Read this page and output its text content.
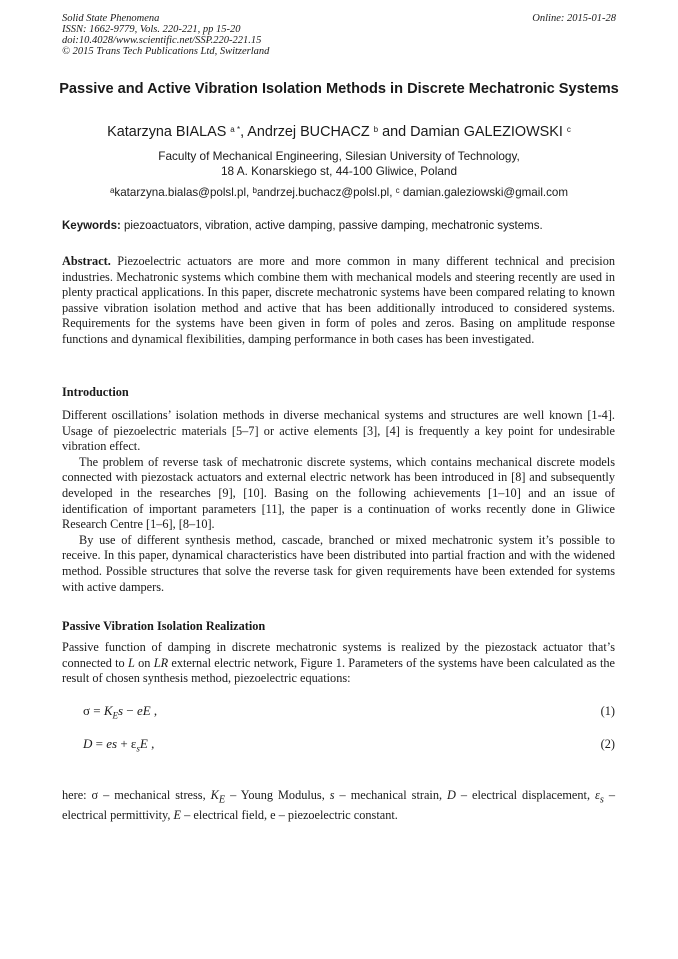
Solid State Phenomena
ISSN: 1662-9779, Vols. 220-221, pp 15-20
doi:10.4028/www.scientific.net/SSP.220-221.15
© 2015 Trans Tech Publications Ltd, Switzerland
Online: 2015-01-28
Passive and Active Vibration Isolation Methods in Discrete Mechatronic Systems
Katarzyna BIALAS $^{a *}$, Andrzej BUCHACZ $^b$ and Damian GALEZIOWSKI $^c$
Faculty of Mechanical Engineering, Silesian University of Technology,
18 A. Konarskiego st, 44-100 Gliwice, Poland
$^a$katarzyna.bialas@polsl.pl, $^b$andrzej.buchacz@polsl.pl, $^c$ damian.galeziowski@gmail.com
Keywords: piezoactuators, vibration, active damping, passive damping, mechatronic systems.

Abstract. Piezoelectric actuators are more and more common in many different technical and precision industries. Mechatronic systems which combine them with mechanical models and steering recently are used in plenty practical applications. In this paper, discrete mechatronic systems have been compared relating to known passive vibration isolation method and active that has been additionally introduced to considered systems. Requirements for the systems have been given in form of poles and zeros. Basing on amplitude response functions and dynamical flexibilities, damping performance in both cases has been investigated.

Introduction

Different oscillations’ isolation methods in diverse mechanical systems and structures are well known [1-4]. Usage of piezoelectric materials [5–7] or active elements [3], [4] is frequently a key point for undesirable vibration effect.

The problem of reverse task of mechatronic discrete systems, which contains mechanical discrete models connected with piezostack actuators and external electric network has been introduced in [8] and subsequently developed in the researches [9], [10]. Basing on the following achievements [1–10] and an issue of identification of important parameters [11], the paper is a continuation of works recently done in Gliwice Research Centre [1–6], [8–10].

By use of different synthesis method, cascade, branched or mixed mechatronic system it’s possible to receive. In this paper, dynamical characteristics have been distributed into partial fraction and with the widened method. Possible structures that solve the reverse task for given requirements have been extended for systems with active dampers.

Passive Vibration Isolation Realization

Passive function of damping in discrete mechatronic systems is realized by the piezostack actuator that’s connected to L on LR external electric network, Figure 1. Parameters of the systems have been calculated as the result of chosen synthesis method, piezoelectric equations:

$\sigma = K_Es$ − eE ,	(1)
D = es + $\varepsilon_sE$ ,	(2)

here: σ – mechanical stress, $K_E$ – Young Modulus, s – mechanical strain, D – electrical displacement, $\varepsilon_s$ – electrical permittivity, E – electrical field, e – piezoelectric constant.
